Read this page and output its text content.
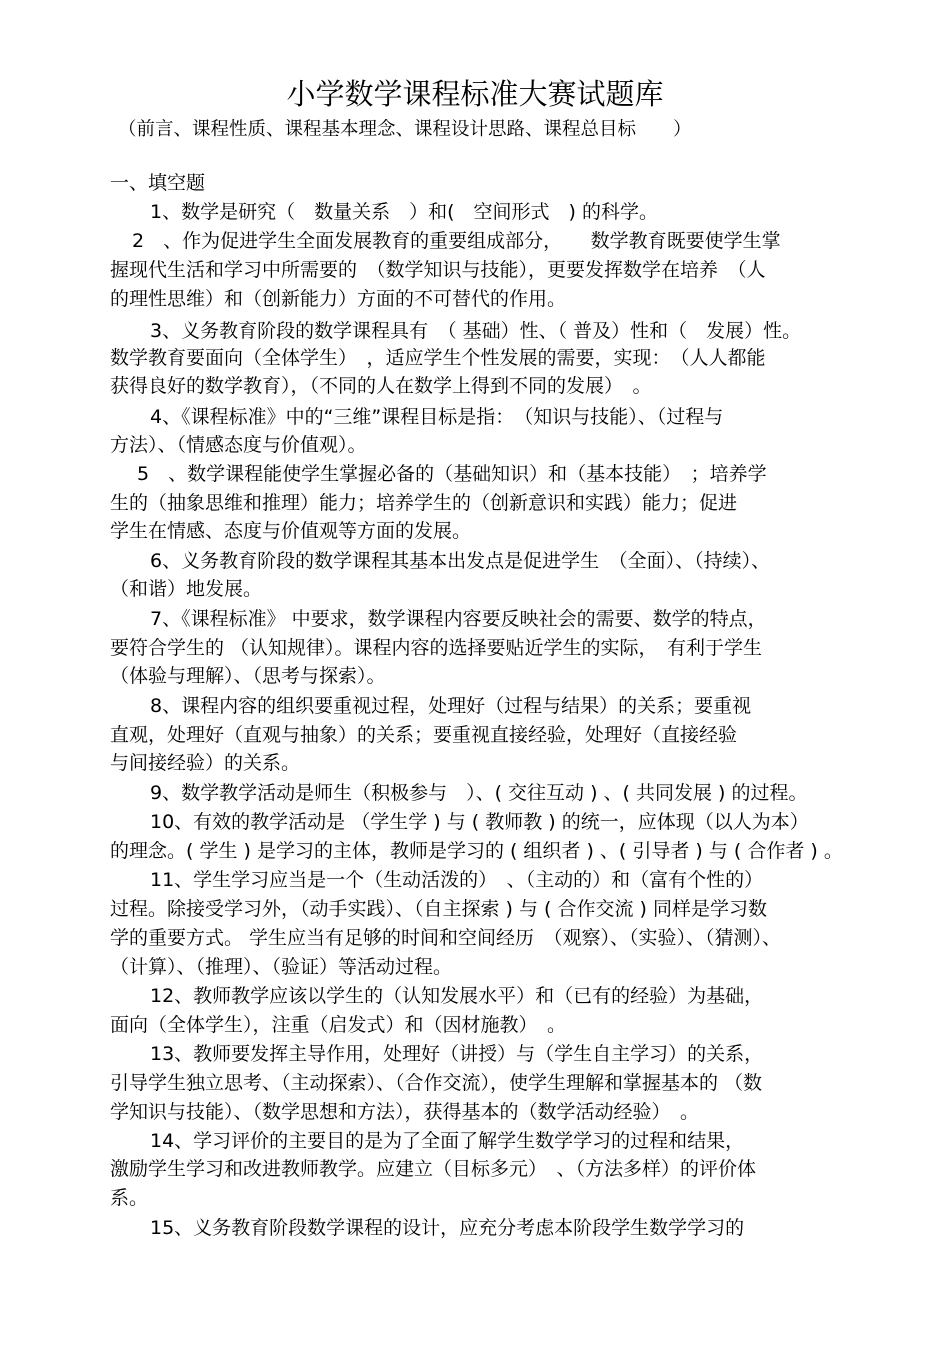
小学数学课程标准大赛试题库
（前言、课程性质、课程基本理念、课程设计思路、课程总目标　　）
一、填空题
1、数学是研究（　数量关系　）和(　空间形式　) 的科学。
2　、作为促进学生全面发展教育的重要组成部分，　　数学教育既要使学生掌
握现代生活和学习中所需要的　（数学知识与技能），更要发挥数学在培养　（人
的理性思维）和（创新能力）方面的不可替代的作用。
3、义务教育阶段的数学课程具有　（ 基础）性、（ 普及）性和（　发展）性。
数学教育要面向（全体学生）　，适应学生个性发展的需要，实现：　（人人都能
获得良好的数学教育），（不同的人在数学上得到不同的发展）　。
4、《课程标准》中的“三维”课程目标是指：　（知识与技能）、（过程与
方法）、（情感态度与价值观）。
5　、数学课程能使学生掌握必备的（基础知识）和（基本技能）　；培养学
生的（抽象思维和推理）能力；培养学生的（创新意识和实践）能力；促进
学生在情感、态度与价值观等方面的发展。
6、义务教育阶段的数学课程其基本出发点是促进学生　（全面）、（持续）、
（和谐）地发展。
7、《课程标准》 中要求，数学课程内容要反映社会的需要、数学的特点，
要符合学生的 （认知规律）。课程内容的选择要贴近学生的实际，　有利于学生
（体验与理解）、（思考与探索）。
8、课程内容的组织要重视过程，处理好（过程与结果）的关系；要重视
直观，处理好（直观与抽象）的关系；要重视直接经验，处理好（直接经验
与间接经验）的关系。
9、数学教学活动是师生（积极参与　）、( 交往互动 ) 、( 共同发展 ) 的过程。
10、有效的教学活动是 （学生学 ) 与 ( 教师教 ) 的统一，应体现（以人为本）
的理念。( 学生 ) 是学习的主体，教师是学习的 ( 组织者 ) 、( 引导者 ) 与 ( 合作者 ) 。
11、学生学习应当是一个（生动活泼的）　、（主动的）和（富有个性的）
过程。除接受学习外，（动手实践）、（自主探索 ) 与 ( 合作交流 ) 同样是学习数
学的重要方式。 学生应当有足够的时间和空间经历　（观察）、（实验）、（猜测）、
（计算）、（推理）、（验证）等活动过程。
12、教师教学应该以学生的（认知发展水平）和（已有的经验）为基础，
面向（全体学生），注重（启发式）和（因材施教）　。
13、教师要发挥主导作用，处理好（讲授）与（学生自主学习）的关系，
引导学生独立思考、（主动探索）、（合作交流），使学生理解和掌握基本的 （数
学知识与技能）、（数学思想和方法），获得基本的（数学活动经验）　。
14、学习评价的主要目的是为了全面了解学生数学学习的过程和结果，
激励学生学习和改进教师教学。应建立（目标多元）　、（方法多样）的评价体
系。
15、义务教育阶段数学课程的设计，应充分考虑本阶段学生数学学习的
